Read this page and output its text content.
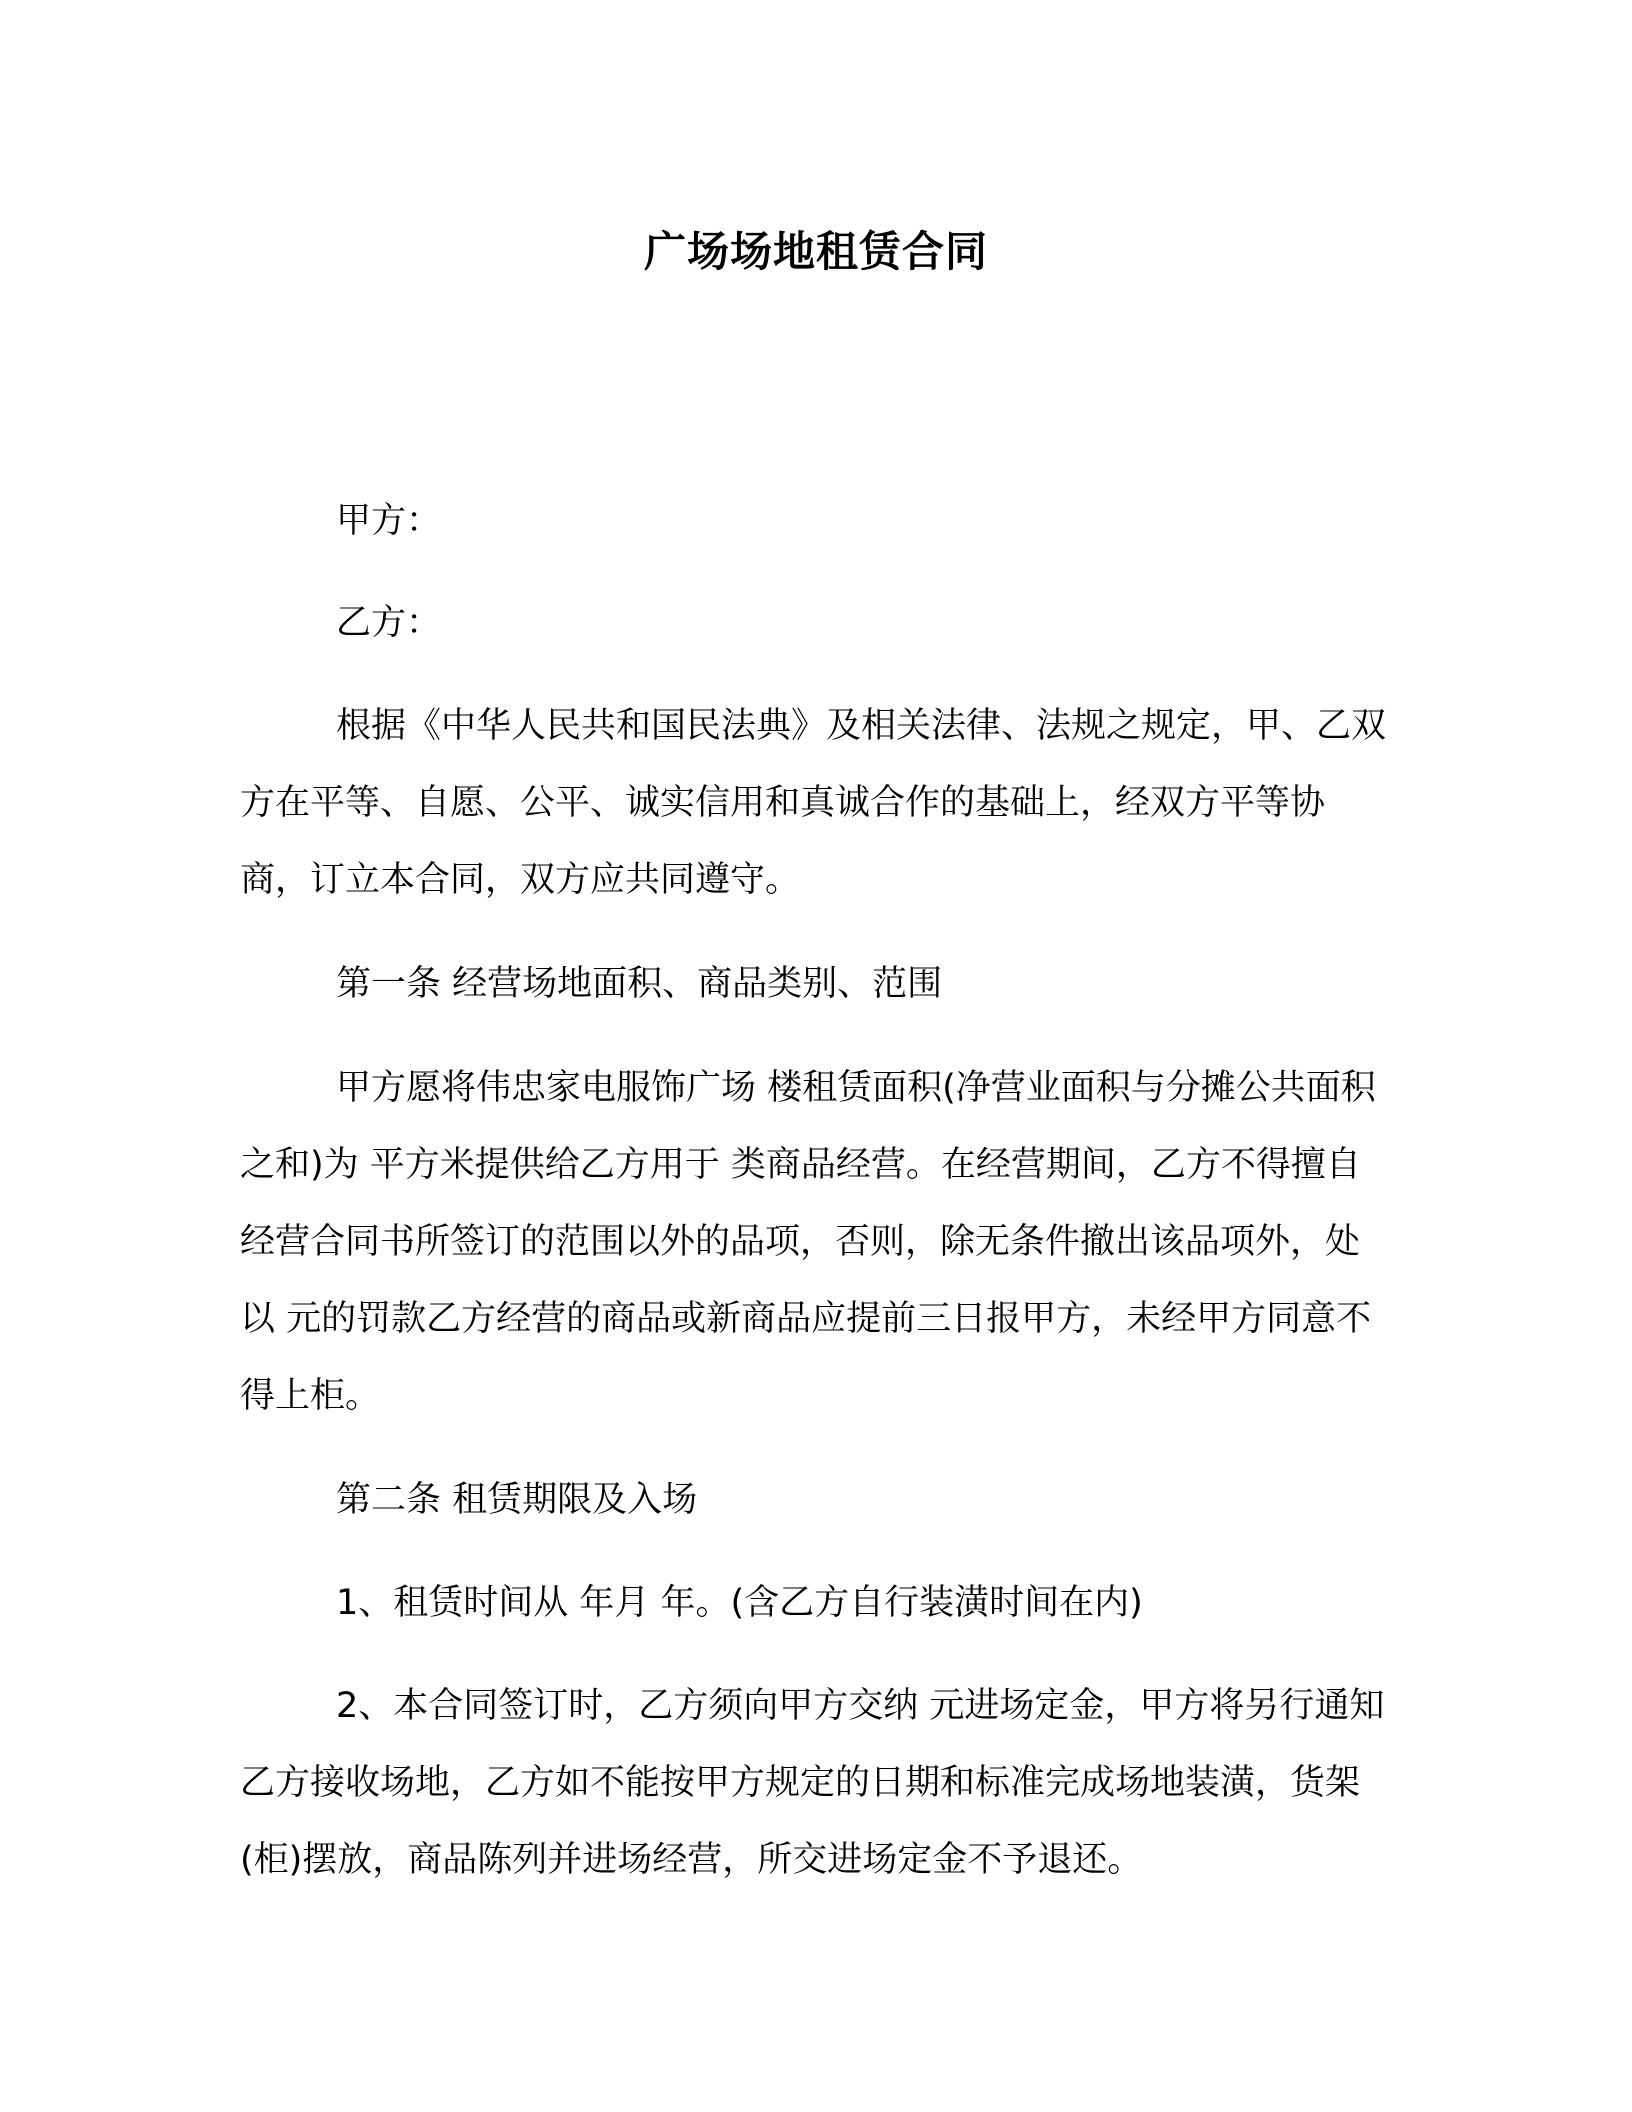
广场场地租赁合同
甲方：
乙方：

根据《中华人民共和国民法典》及相关法律、法规之规定，甲、乙双方在平等、自愿、公平、诚实信用和真诚合作的基础上，经双方平等协商，订立本合同，双方应共同遵守。

第一条 经营场地面积、商品类别、范围

甲方愿将伟忠家电服饰广场 楼租赁面积(净营业面积与分摊公共面积之和)为 平方米提供给乙方用于 类商品经营。在经营期间，乙方不得擅自经营合同书所签订的范围以外的品项，否则，除无条件撤出该品项外，处以 元的罚款乙方经营的商品或新商品应提前三日报甲方，未经甲方同意不得上柜。

第二条 租赁期限及入场

1、租赁时间从 年月 年。(含乙方自行装潢时间在内)

2、本合同签订时，乙方须向甲方交纳 元进场定金，甲方将另行通知乙方接收场地，乙方如不能按甲方规定的日期和标准完成场地装潢，货架(柜)摆放，商品陈列并进场经营，所交进场定金不予退还。
